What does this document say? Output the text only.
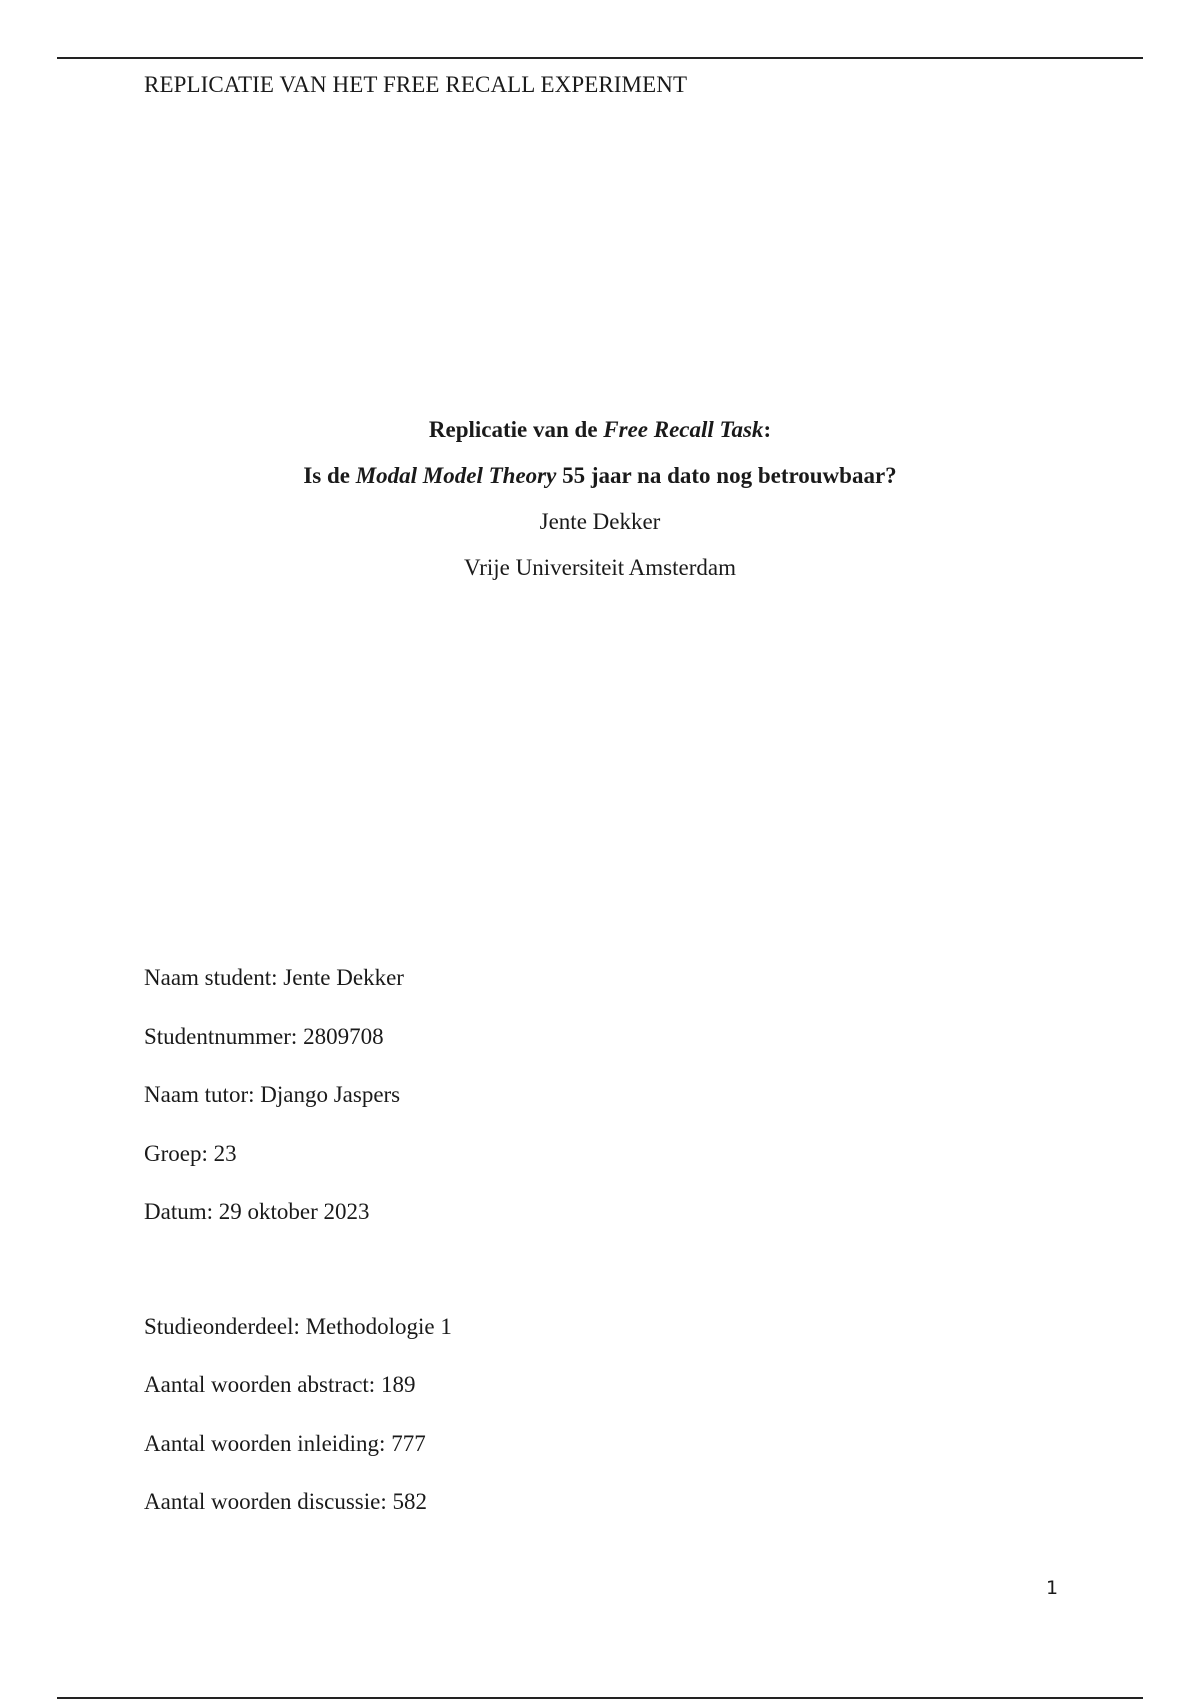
REPLICATIE VAN HET FREE RECALL EXPERIMENT
Replicatie van de Free Recall Task:
Is de Modal Model Theory 55 jaar na dato nog betrouwbaar?
Jente Dekker
Vrije Universiteit Amsterdam
Naam student: Jente Dekker
Studentnummer: 2809708
Naam tutor: Django Jaspers
Groep: 23
Datum: 29 oktober 2023
Studieonderdeel: Methodologie 1
Aantal woorden abstract: 189
Aantal woorden inleiding: 777
Aantal woorden discussie: 582
1
